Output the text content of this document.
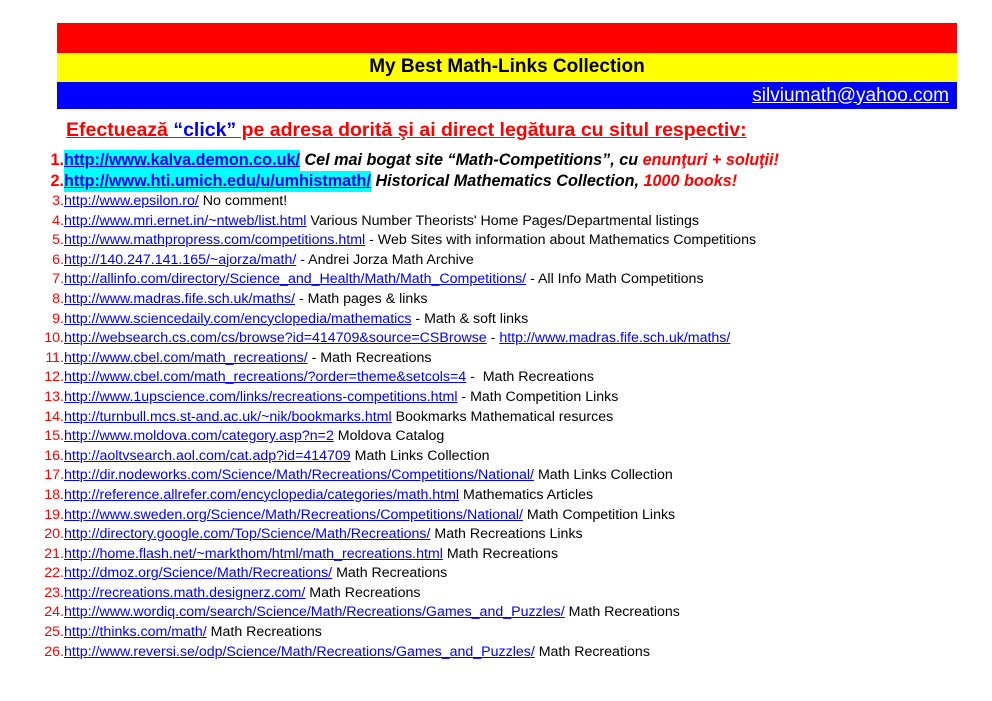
My Best Math-Links Collection
silviumath@yahoo.com
Efectuează “click” pe adresa dorită şi ai direct legătura cu situl respectiv:
1. http://www.kalva.demon.co.uk/ Cel mai bogat site “Math-Competitions”, cu enunţuri + soluţii!
2. http://www.hti.umich.edu/u/umhistmath/ Historical Mathematics Collection, 1000 books!
3. http://www.epsilon.ro/ No comment!
4. http://www.mri.ernet.in/~ntweb/list.html Various Number Theorists' Home Pages/Departmental listings
5. http://www.mathpropress.com/competitions.html - Web Sites with information about Mathematics Competitions
6. http://140.247.141.165/~ajorza/math/ - Andrei Jorza Math Archive
7. http://allinfo.com/directory/Science_and_Health/Math/Math_Competitions/ - All Info Math Competitions
8. http://www.madras.fife.sch.uk/maths/ - Math pages & links
9. http://www.sciencedaily.com/encyclopedia/mathematics - Math & soft links
10. http://websearch.cs.com/cs/browse?id=414709&source=CSBrowse - http://www.madras.fife.sch.uk/maths/
11. http://www.cbel.com/math_recreations/ - Math Recreations
12. http://www.cbel.com/math_recreations/?order=theme&setcols=4 -  Math Recreations
13. http://www.1upscience.com/links/recreations-competitions.html - Math Competition Links
14. http://turnbull.mcs.st-and.ac.uk/~nik/bookmarks.html Bookmarks Mathematical resurces
15. http://www.moldova.com/category.asp?n=2 Moldova Catalog
16. http://aoltvsearch.aol.com/cat.adp?id=414709 Math Links Collection
17. http://dir.nodeworks.com/Science/Math/Recreations/Competitions/National/ Math Links Collection
18. http://reference.allrefer.com/encyclopedia/categories/math.html Mathematics Articles
19. http://www.sweden.org/Science/Math/Recreations/Competitions/National/ Math Competition Links
20. http://directory.google.com/Top/Science/Math/Recreations/ Math Recreations Links
21. http://home.flash.net/~markthom/html/math_recreations.html Math Recreations
22. http://dmoz.org/Science/Math/Recreations/ Math Recreations
23. http://recreations.math.designerz.com/ Math Recreations
24. http://www.wordiq.com/search/Science/Math/Recreations/Games_and_Puzzles/ Math Recreations
25. http://thinks.com/math/ Math Recreations
26. http://www.reversi.se/odp/Science/Math/Recreations/Games_and_Puzzles/ Math Recreations
